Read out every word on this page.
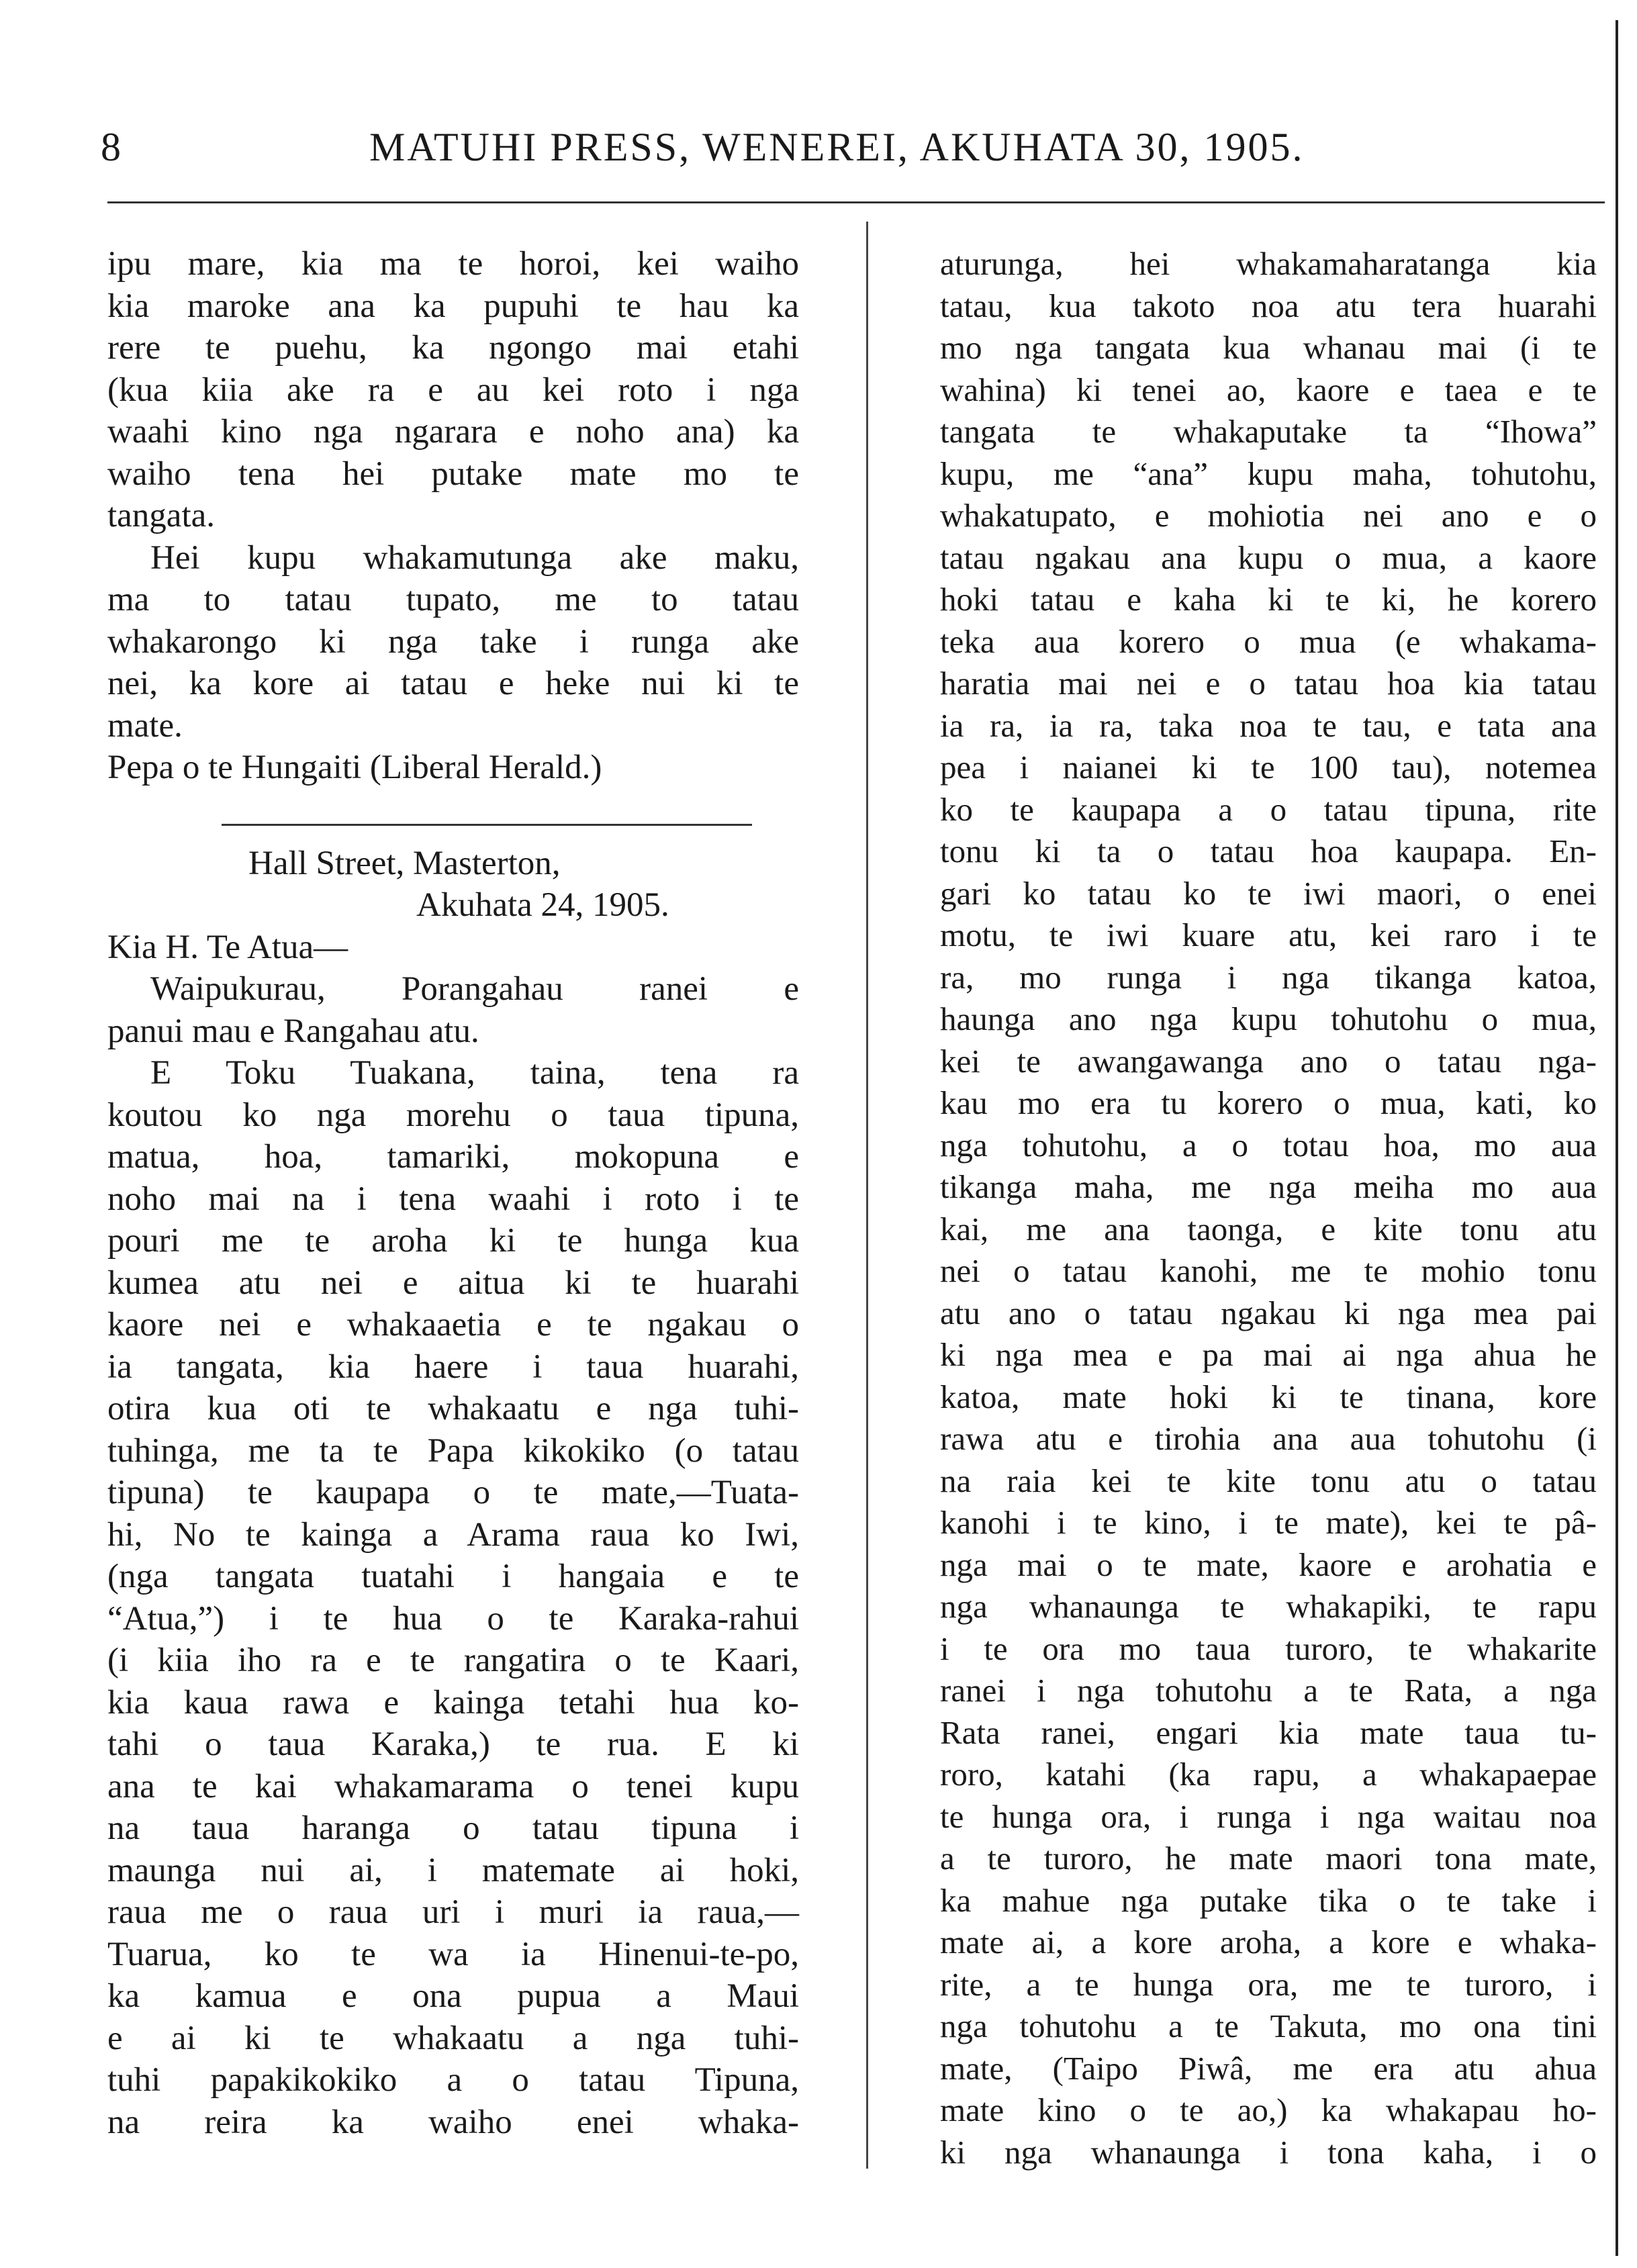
8	MATUHI PRESS, WENEREI, AKUHATA 30, 1905.
ipu mare, kia ma te horoi, kei waiho
kia maroke ana ka pupuhi te hau ka
rere te puehu, ka ngongo mai etahi
(kua kiia ake ra e au kei roto i nga
waahi kino nga ngarara e noho ana) ka
waiho tena hei putake mate mo te
tangata.
Hei kupu whakamutunga ake maku,
ma to tatau tupato, me to tatau
whakarongo ki nga take i runga ake
nei, ka kore ai tatau e heke nui ki te
mate.
Pepa o te Hungaiti (Liberal Herald.)
Hall Street, Masterton,
Akuhata 24, 1905.
Kia H. Te Atua—
Waipukurau, Porangahau ranei e
panui mau e Rangahau atu.
E Toku Tuakana, taina, tena ra
koutou ko nga morehu o taua tipuna,
matua, hoa, tamariki, mokopuna e
noho mai na i tena waahi i roto i te
pouri me te aroha ki te hunga kua
kumea atu nei e aitua ki te huarahi
kaore nei e whakaaetia e te ngakau o
ia tangata, kia haere i taua huarahi,
otira kua oti te whakaatu e nga tuhi-
tuhinga, me ta te Papa kikokiko (o tatau
tipuna) te kaupapa o te mate,—Tuata-
hi, No te kainga a Arama raua ko Iwi,
(nga tangata tuatahi i hangaia e te
“Atua,”) i te hua o te Karaka-rahui
(i kiia iho ra e te rangatira o te Kaari,
kia kaua rawa e kainga tetahi hua ko-
tahi o taua Karaka,) te rua. E ki
ana te kai whakamarama o tenei kupu
na taua haranga o tatau tipuna i
maunga nui ai, i matemate ai hoki,
raua me o raua uri i muri ia raua,—
Tuarua, ko te wa ia Hinenui-te-po,
ka kamua e ona pupua a Maui
e ai ki te whakaatu a nga tuhi-
tuhi papakikokiko a o tatau Tipuna,
na reira ka waiho enei whaka-
aturunga, hei whakamaharatanga kia
tatau, kua takoto noa atu tera huarahi
mo nga tangata kua whanau mai (i te
wahina) ki tenei ao, kaore e taea e te
tangata te whakaputake ta “Ihowa”
kupu, me “ana” kupu maha, tohutohu,
whakatupato, e mohiotia nei ano e o
tatau ngakau ana kupu o mua, a kaore
hoki tatau e kaha ki te ki, he korero
teka aua korero o mua (e whakama-
haratia mai nei e o tatau hoa kia tatau
ia ra, ia ra, taka noa te tau, e tata ana
pea i naianei ki te 100 tau), notemea
ko te kaupapa a o tatau tipuna, rite
tonu ki ta o tatau hoa kaupapa. En-
gari ko tatau ko te iwi maori, o enei
motu, te iwi kuare atu, kei raro i te
ra, mo runga i nga tikanga katoa,
haunga ano nga kupu tohutohu o mua,
kei te awangawanga ano o tatau nga-
kau mo era tu korero o mua, kati, ko
nga tohutohu, a o totau hoa, mo aua
tikanga maha, me nga meiha mo aua
kai, me ana taonga, e kite tonu atu
nei o tatau kanohi, me te mohio tonu
atu ano o tatau ngakau ki nga mea pai
ki nga mea e pa mai ai nga ahua he
katoa, mate hoki ki te tinana, kore
rawa atu e tirohia ana aua tohutohu (i
na raia kei te kite tonu atu o tatau
kanohi i te kino, i te mate), kei te pâ-
nga mai o te mate, kaore e arohatia e
nga whanaunga te whakapiki, te rapu
i te ora mo taua turoro, te whakarite
ranei i nga tohutohu a te Rata, a nga
Rata ranei, engari kia mate taua tu-
roro, katahi (ka rapu, a whakapaepae
te hunga ora, i runga i nga waitau noa
a te turoro, he mate maori tona mate,
ka mahue nga putake tika o te take i
mate ai, a kore aroha, a kore e whaka-
rite, a te hunga ora, me te turoro, i
nga tohutohu a te Takuta, mo ona tini
mate, (Taipo Piwâ, me era atu ahua
mate kino o te ao,) ka whakapau ho-
ki nga whanaunga i tona kaha, i o
